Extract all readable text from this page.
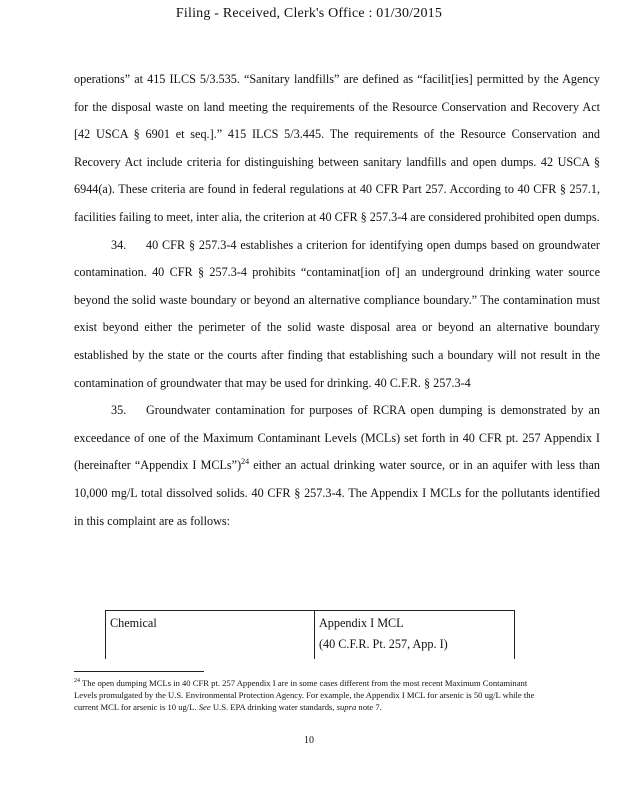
Filing - Received, Clerk's Office : 01/30/2015

operations” at 415 ILCS 5/3.535. “Sanitary landfills” are defined as “facilit[ies] permitted by the Agency for the disposal waste on land meeting the requirements of the Resource Conservation and Recovery Act [42 USCA § 6901 et seq.].” 415 ILCS 5/3.445. The requirements of the Resource Conservation and Recovery Act include criteria for distinguishing between sanitary landfills and open dumps. 42 USCA § 6944(a). These criteria are found in federal regulations at 40 CFR Part 257. According to 40 CFR § 257.1, facilities failing to meet, inter alia, the criterion at 40 CFR § 257.3-4 are considered prohibited open dumps.

34. 40 CFR § 257.3-4 establishes a criterion for identifying open dumps based on groundwater contamination. 40 CFR § 257.3-4 prohibits “contaminat[ion of] an underground drinking water source beyond the solid waste boundary or beyond an alternative compliance boundary.” The contamination must exist beyond either the perimeter of the solid waste disposal area or beyond an alternative boundary established by the state or the courts after finding that establishing such a boundary will not result in the contamination of groundwater that may be used for drinking. 40 C.F.R. § 257.3-4

35. Groundwater contamination for purposes of RCRA open dumping is demonstrated by an exceedance of one of the Maximum Contaminant Levels (MCLs) set forth in 40 CFR pt. 257 Appendix I (hereinafter “Appendix I MCLs”)$^{24}$ either an actual drinking water source, or in an aquifer with less than 10,000 mg/L total dissolved solids. 40 CFR § 257.3-4. The Appendix I MCLs for the pollutants identified in this complaint are as follows:

Chemical	Appendix I MCL
(40 C.F.R. Pt. 257, App. I)
$^{24}$ The open dumping MCLs in 40 CFR pt. 257 Appendix I are in some cases different from the most recent Maximum Contaminant Levels promulgated by the U.S. Environmental Protection Agency. For example, the Appendix I MCL for arsenic is 50 ug/L while the current MCL for arsenic is 10 ug/L. See U.S. EPA drinking water standards, supra note 7.
10
